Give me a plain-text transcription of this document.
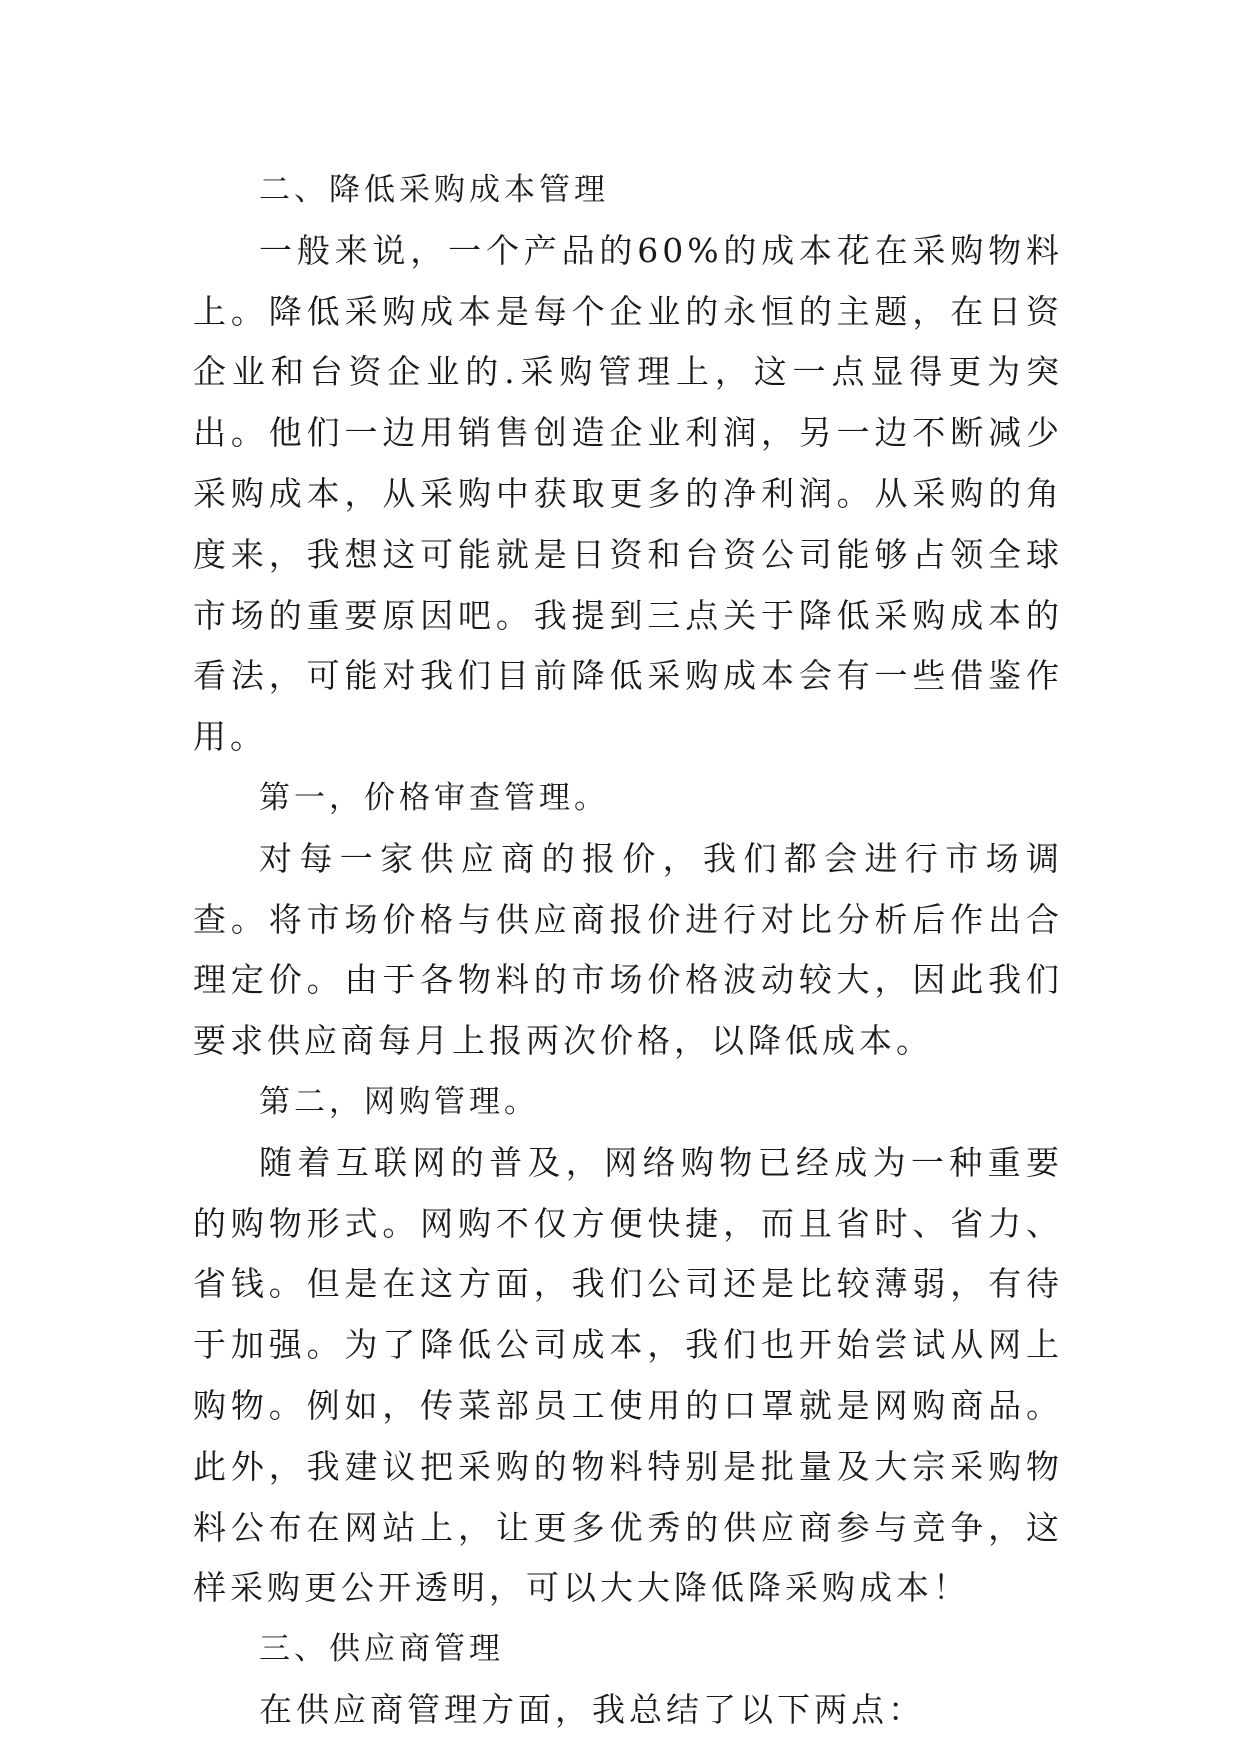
二、降低采购成本管理

一般来说，一个产品的60%的成本花在采购物料上。降低采购成本是每个企业的永恒的主题，在日资企业和台资企业的.采购管理上，这一点显得更为突出。他们一边用销售创造企业利润，另一边不断减少采购成本，从采购中获取更多的净利润。从采购的角度来，我想这可能就是日资和台资公司能够占领全球市场的重要原因吧。我提到三点关于降低采购成本的看法，可能对我们目前降低采购成本会有一些借鉴作用。

第一，价格审查管理。

对每一家供应商的报价，我们都会进行市场调查。将市场价格与供应商报价进行对比分析后作出合理定价。由于各物料的市场价格波动较大，因此我们要求供应商每月上报两次价格，以降低成本。

第二，网购管理。

随着互联网的普及，网络购物已经成为一种重要的购物形式。网购不仅方便快捷，而且省时、省力、省钱。但是在这方面，我们公司还是比较薄弱，有待于加强。为了降低公司成本，我们也开始尝试从网上购物。例如，传菜部员工使用的口罩就是网购商品。此外，我建议把采购的物料特别是批量及大宗采购物料公布在网站上，让更多优秀的供应商参与竞争，这样采购更公开透明，可以大大降低降采购成本！

三、供应商管理

在供应商管理方面，我总结了以下两点：
